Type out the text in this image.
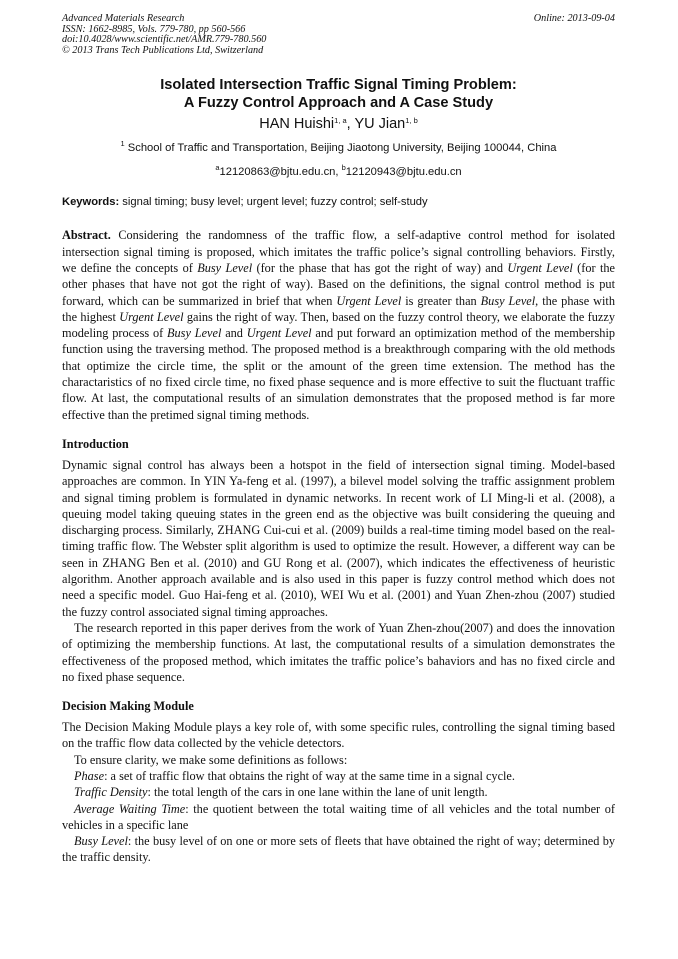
Advanced Materials Research	Online: 2013-09-04
ISSN: 1662-8985, Vols. 779-780, pp 560-566
doi:10.4028/www.scientific.net/AMR.779-780.560
© 2013 Trans Tech Publications Ltd, Switzerland
Isolated Intersection Traffic Signal Timing Problem:
A Fuzzy Control Approach and A Case Study
HAN Huishi$^{1, a}$, YU Jian$^{1, b}$
$^1$ School of Traffic and Transportation, Beijing Jiaotong University, Beijing 100044, China
$^a$12120863@bjtu.edu.cn, $^b$12120943@bjtu.edu.cn
Keywords: signal timing; busy level; urgent level; fuzzy control; self-study

Abstract. Considering the randomness of the traffic flow, a self-adaptive control method for isolated intersection signal timing is proposed, which imitates the traffic police’s signal controlling behaviors. Firstly, we define the concepts of Busy Level (for the phase that has got the right of way) and Urgent Level (for the other phases that have not got the right of way). Based on the definitions, the signal control method is put forward, which can be summarized in brief that when Urgent Level is greater than Busy Level, the phase with the highest Urgent Level gains the right of way. Then, based on the fuzzy control theory, we elaborate the fuzzy modeling process of Busy Level and Urgent Level and put forward an optimization method of the membership function using the traversing method. The proposed method is a breakthrough comparing with the old methods that optimize the circle time, the split or the amount of the green time extension. The method has the charactaristics of no fixed circle time, no fixed phase sequence and is more effective to suit the fluctuant traffic flow. At last, the computational results of an simulation demonstrates that the proposed method is far more effective than the pretimed signal timing methods.

Introduction

Dynamic signal control has always been a hotspot in the field of intersection signal timing. Model-based approaches are common. In YIN Ya-feng et al. (1997), a bilevel model solving the traffic assignment problem and signal timing problem is formulated in dynamic networks. In recent work of LI Ming-li et al. (2008), a queuing model taking queuing states in the green end as the objective was built considering the queuing and discharging process. Similarly, ZHANG Cui-cui et al. (2009) builds a real-time timing model based on the real-timing traffic flow. The Webster split algorithm is used to optimize the result. However, a different way can be seen in ZHANG Ben et al. (2010) and GU Rong et al. (2007), which indicates the effectiveness of heuristic algorithm. Another approach available and is also used in this paper is fuzzy control method which does not need a specific model. Guo Hai-feng et al. (2010), WEI Wu et al. (2001) and Yuan Zhen-zhou (2007) studied the fuzzy control associated signal timing approaches.

The research reported in this paper derives from the work of Yuan Zhen-zhou(2007) and does the innovation of optimizing the membership functions. At last, the computational results of a simulation demonstrates the effectiveness of the proposed method, which imitates the traffic police’s bahaviors and has no fixed circle and no fixed phase sequence.

Decision Making Module

The Decision Making Module plays a key role of, with some specific rules, controlling the signal timing based on the traffic flow data collected by the vehicle detectors.

To ensure clarity, we make some definitions as follows:

Phase: a set of traffic flow that obtains the right of way at the same time in a signal cycle.

Traffic Density: the total length of the cars in one lane within the lane of unit length.

Average Waiting Time: the quotient between the total waiting time of all vehicles and the total number of vehicles in a specific lane

Busy Level: the busy level of on one or more sets of fleets that have obtained the right of way; determined by the traffic density.
